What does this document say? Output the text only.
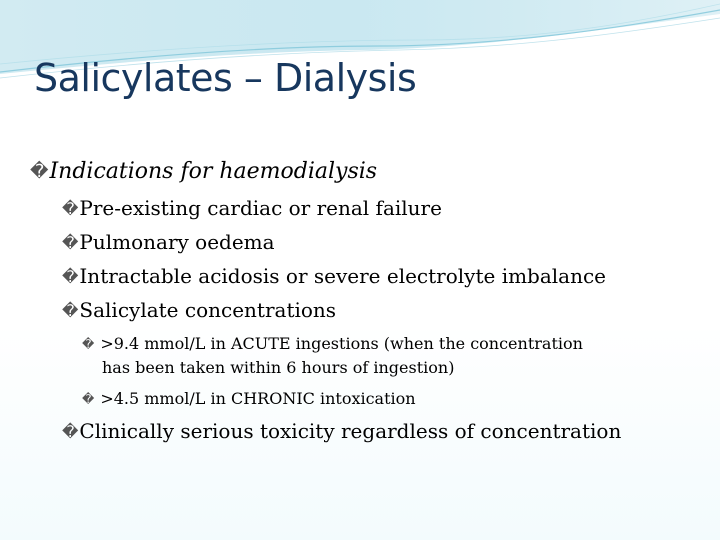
Salicylates – Dialysis
�Indications for haemodialysis
�Pre-existing cardiac or renal failure
�Pulmonary oedema
�Intractable acidosis or severe electrolyte imbalance
�Salicylate concentrations
� >9.4 mmol/L in ACUTE ingestions (when the concentration
has been taken within 6 hours of ingestion)
� >4.5 mmol/L in CHRONIC intoxication
�Clinically serious toxicity regardless of concentration
